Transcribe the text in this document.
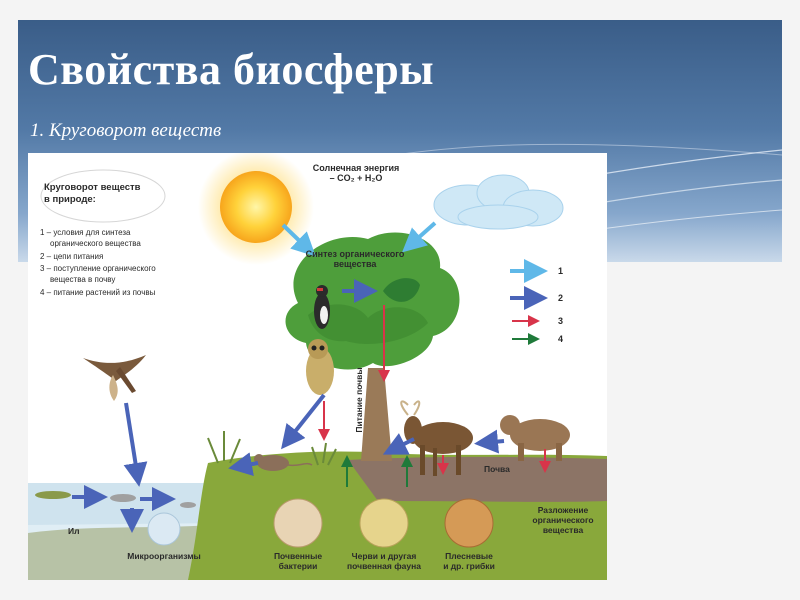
Свойства биосферы
1. Круговорот веществ
Круговорот веществ
в природе:
1 – условия для синтеза
органического вещества
2 – цепи питания
3 – поступление органического
вещества в почву
4 – питание растений из почвы
Солнечная энергия
– CO₂ + H₂O
Синтез органического
вещества
Питание почвы
1
2
3
4
Почва
Ил
Разложение
органического
вещества
Микроорганизмы	Почвенные
бактерии
Черви и другая
почвенная фауна
Плесневые
и др. грибки
